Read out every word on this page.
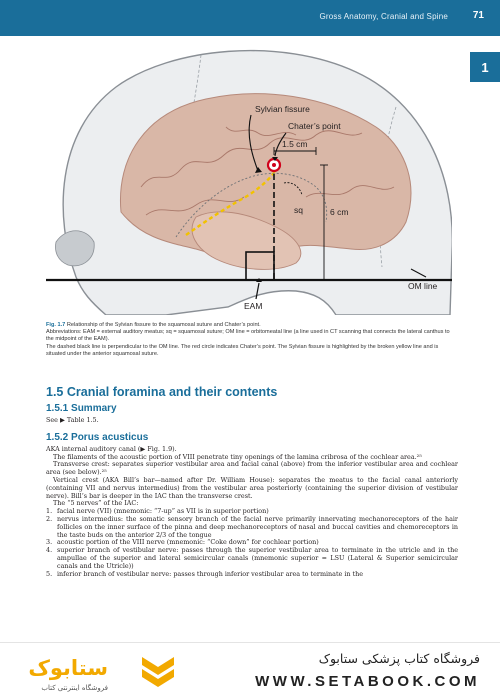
Gross Anatomy, Cranial and Spine 71
1
Sylvian fissure
Chater’s point
1.5 cm
6 cm
sq
EAM
OM line
Fig. 1.7 Relationship of the Sylvian fissure to the squamosal suture and Chater’s point.
Abbreviations: EAM = external auditory meatus; sq = squamosal suture; OM line = orbitomeatal line (a line used in CT scanning that connects the lateral canthus to the midpoint of the EAM).
The dashed black line is perpendicular to the OM line. The red circle indicates Chater’s point. The Sylvian fissure is highlighted by the broken yellow line and is situated under the anterior squamosal suture.
1.5 Cranial foramina and their contents
1.5.1 Summary

See ▶ Table 1.5.

1.5.2 Porus acusticus

AKA internal auditory canal (▶ Fig. 1.9).

The filaments of the acoustic portion of VIII penetrate tiny openings of the lamina cribrosa of the cochlear area.²⁵

Transverse crest: separates superior vestibular area and facial canal (above) from the inferior vestibular area and cochlear area (see below).²⁵

Vertical crest (AKA Bill’s bar—named after Dr. William House): separates the meatus to the facial canal anteriorly (containing VII and nervus intermedius) from the vestibular area posteriorly (containing the superior division of vestibular nerve). Bill’s bar is deeper in the IAC than the transverse crest.

The “5 nerves” of the IAC:

1. facial nerve (VII) (mnemonic: “7-up” as VII is in superior portion)
2. nervus intermedius: the somatic sensory branch of the facial nerve primarily innervating mechanoreceptors of the hair follicles on the inner surface of the pinna and deep mechanoreceptors of nasal and buccal cavities and chemoreceptors in the taste buds on the anterior 2/3 of the tongue
3. acoustic portion of the VIII nerve (mnemonic: “Coke down” for cochlear portion)
4. superior branch of vestibular nerve: passes through the superior vestibular area to terminate in the utricle and in the ampullae of the superior and lateral semicircular canals (mnemonic superior = LSU (Lateral & Superior semicircular canals and the Utricle))
5. inferior branch of vestibular nerve: passes through inferior vestibular area to terminate in the
ستابوک
فروشگاه اینترنتی کتاب
فروشگاه کتاب پزشکی ستابوک
WWW.SETABOOK.COM
